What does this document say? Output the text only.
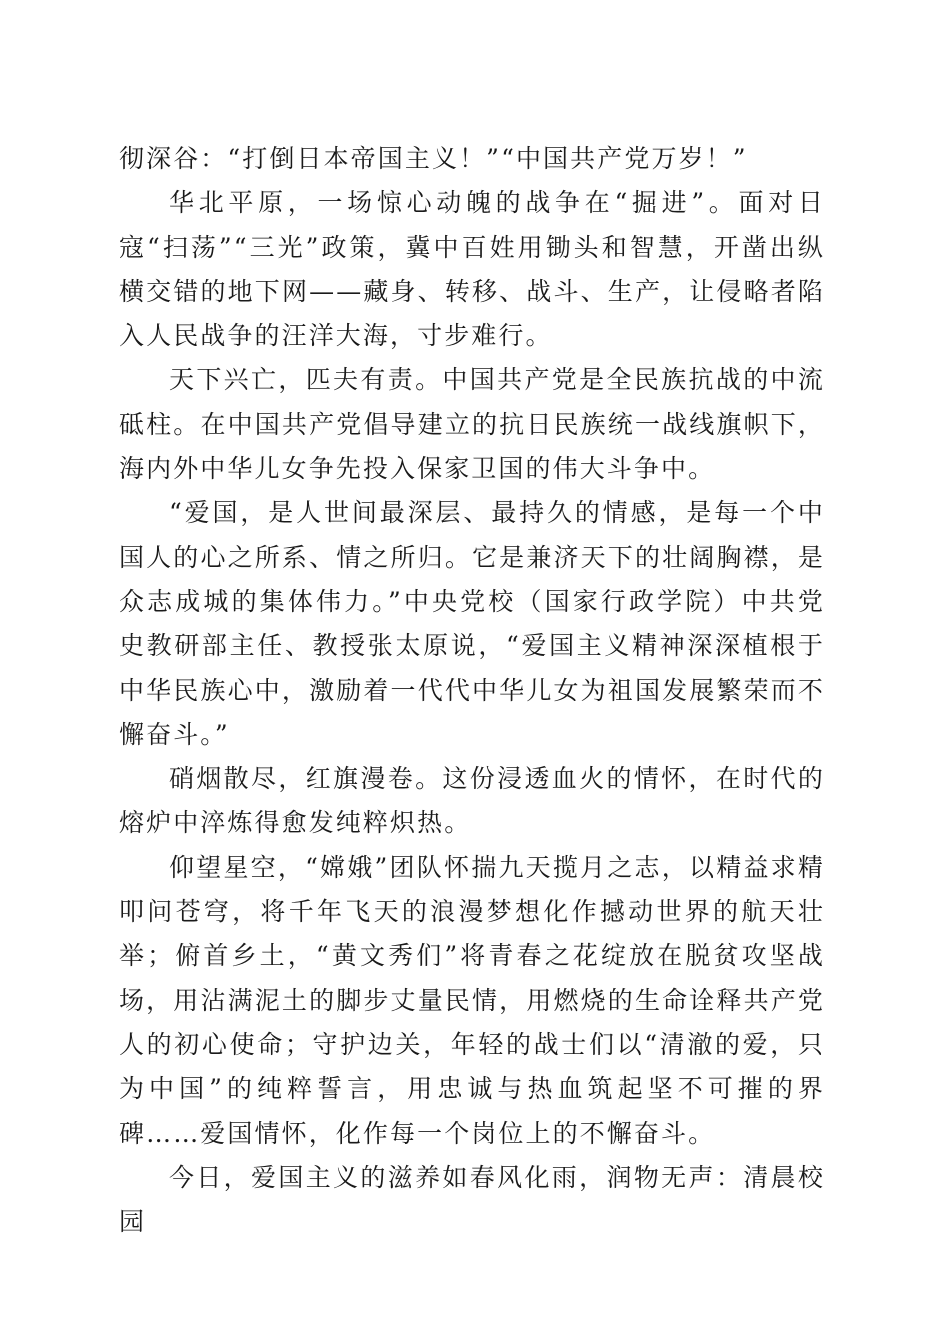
彻深谷：“打倒日本帝国主义！”“中国共产党万岁！”

华北平原，一场惊心动魄的战争在“掘进”。面对日寇“扫荡”“三光”政策，冀中百姓用锄头和智慧，开凿出纵横交错的地下网——藏身、转移、战斗、生产，让侵略者陷入人民战争的汪洋大海，寸步难行。

天下兴亡，匹夫有责。中国共产党是全民族抗战的中流砥柱。在中国共产党倡导建立的抗日民族统一战线旗帜下，海内外中华儿女争先投入保家卫国的伟大斗争中。

“爱国，是人世间最深层、最持久的情感，是每一个中国人的心之所系、情之所归。它是兼济天下的壮阔胸襟，是众志成城的集体伟力。”中央党校（国家行政学院）中共党史教研部主任、教授张太原说，“爱国主义精神深深植根于中华民族心中，激励着一代代中华儿女为祖国发展繁荣而不懈奋斗。”

硝烟散尽，红旗漫卷。这份浸透血火的情怀，在时代的熔炉中淬炼得愈发纯粹炽热。

仰望星空，“嫦娥”团队怀揣九天揽月之志，以精益求精叩问苍穹，将千年飞天的浪漫梦想化作撼动世界的航天壮举；俯首乡土，“黄文秀们”将青春之花绽放在脱贫攻坚战场，用沾满泥土的脚步丈量民情，用燃烧的生命诠释共产党人的初心使命；守护边关，年轻的战士们以“清澈的爱，只为中国”的纯粹誓言，用忠诚与热血筑起坚不可摧的界碑……爱国情怀，化作每一个岗位上的不懈奋斗。

今日，爱国主义的滋养如春风化雨，润物无声：清晨校园
